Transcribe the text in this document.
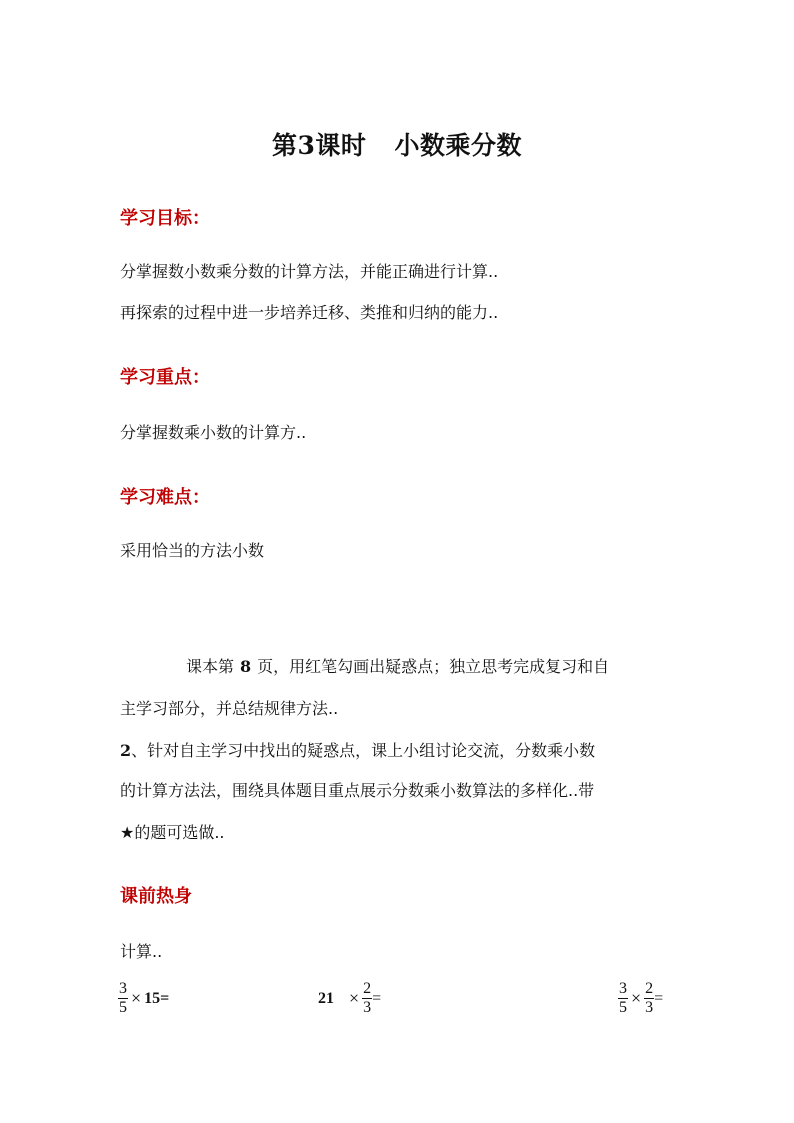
第3课时 小数乘分数
学习目标：
分掌握数小数乘分数的计算方法，并能正确进行计算..
再探索的过程中进一步培养迁移、类推和归纳的能力..
学习重点：
分掌握数乘小数的计算方..
学习难点：
采用恰当的方法小数
课本第 8 页，用红笔勾画出疑惑点；独立思考完成复习和自
主学习部分，并总结规律方法..
2、针对自主学习中找出的疑惑点，课上小组讨论交流，分数乘小数
的计算方法法，围绕具体题目重点展示分数乘小数算法的多样化..带
★的题可选做..
课前热身
计算..
$\frac{3}{5} \times 15=$	$21 \times \frac{2}{3}$ =	$\frac{3}{5} \times \frac{2}{3}$ =
